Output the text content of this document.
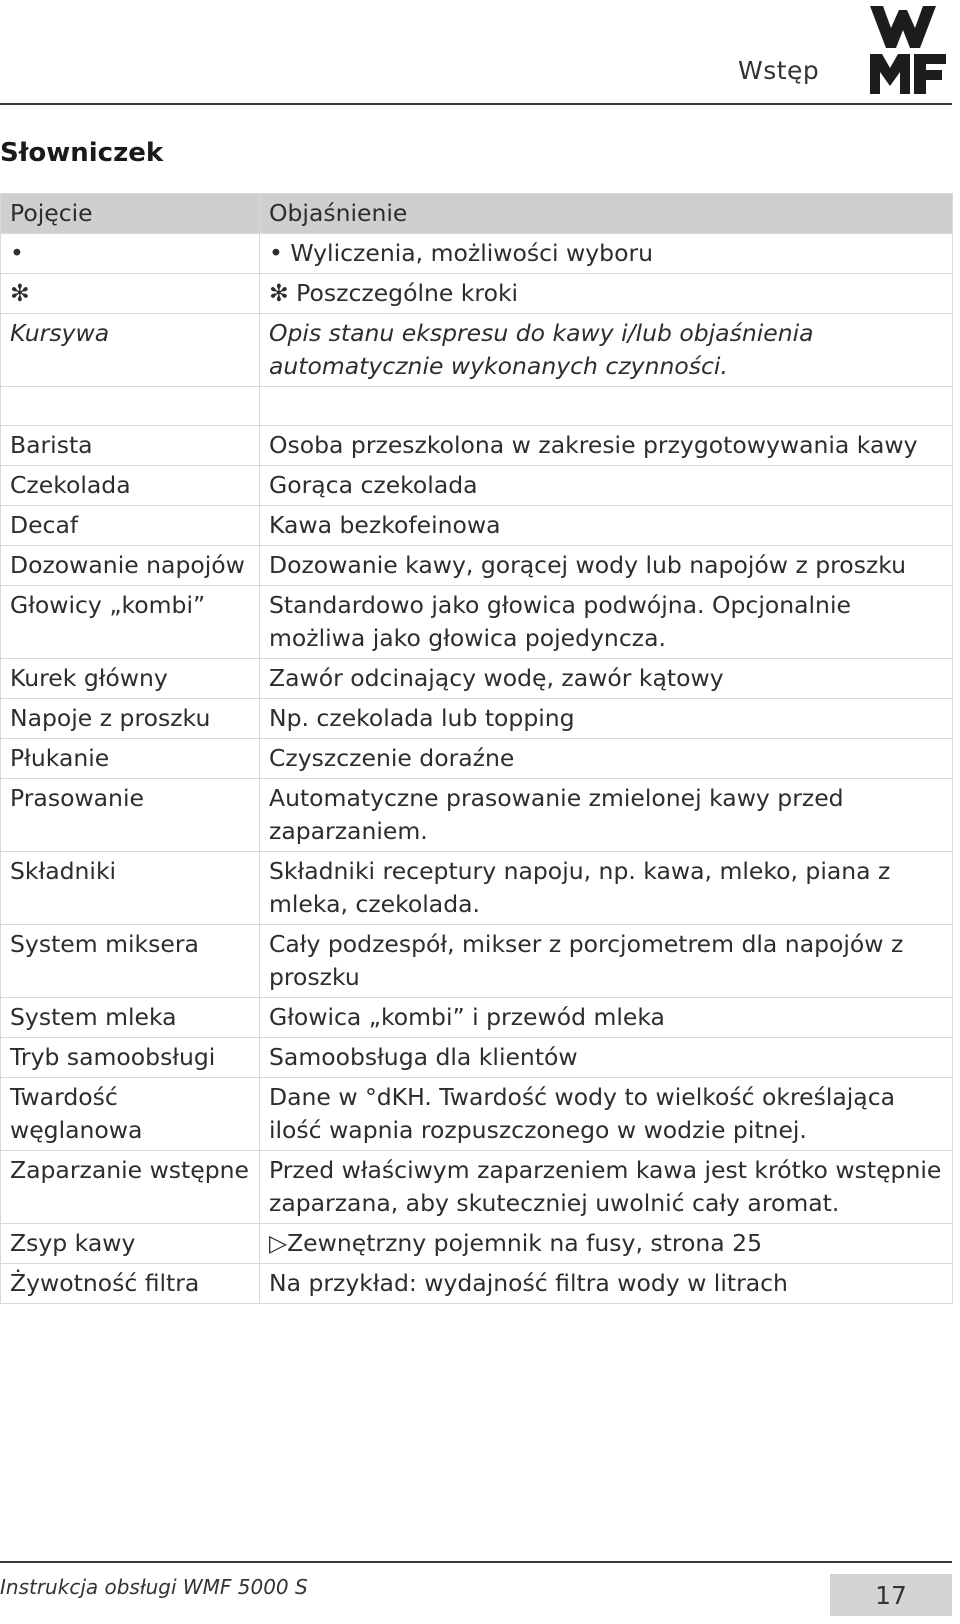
Wstęp
Słowniczek
Pojęcie	Objaśnienie
•	• Wyliczenia, możliwości wyboru
✻	✻ Poszczególne kroki
Kursywa	Opis stanu ekspresu do kawy i/lub objaśnienia automatycznie wykonanych czynności.

Barista	Osoba przeszkolona w zakresie przygotowywania kawy
Czekolada	Gorąca czekolada
Decaf	Kawa bezkofeinowa
Dozowanie napojów	Dozowanie kawy, gorącej wody lub napojów z proszku
Głowicy „kombi”	Standardowo jako głowica podwójna. Opcjonalnie możliwa jako głowica pojedyncza.
Kurek główny	Zawór odcinający wodę, zawór kątowy
Napoje z proszku	Np. czekolada lub topping
Płukanie	Czyszczenie doraźne
Prasowanie	Automatyczne prasowanie zmielonej kawy przed zaparzaniem.
Składniki	Składniki receptury napoju, np. kawa, mleko, piana z mleka, czekolada.
System miksera	Cały podzespół, mikser z porcjometrem dla napojów z proszku
System mleka	Głowica „kombi” i przewód mleka
Tryb samoobsługi	Samoobsługa dla klientów
Twardość węglanowa	Dane w °dKH. Twardość wody to wielkość określająca ilość wapnia rozpuszczonego w wodzie pitnej.
Zaparzanie wstępne	Przed właściwym zaparzeniem kawa jest krótko wstępnie zaparzana, aby skuteczniej uwolnić cały aromat.
Zsyp kawy	▷Zewnętrzny pojemnik na fusy, strona 25
Żywotność filtra	Na przykład: wydajność filtra wody w litrach
Instrukcja obsługi WMF 5000 S	17
